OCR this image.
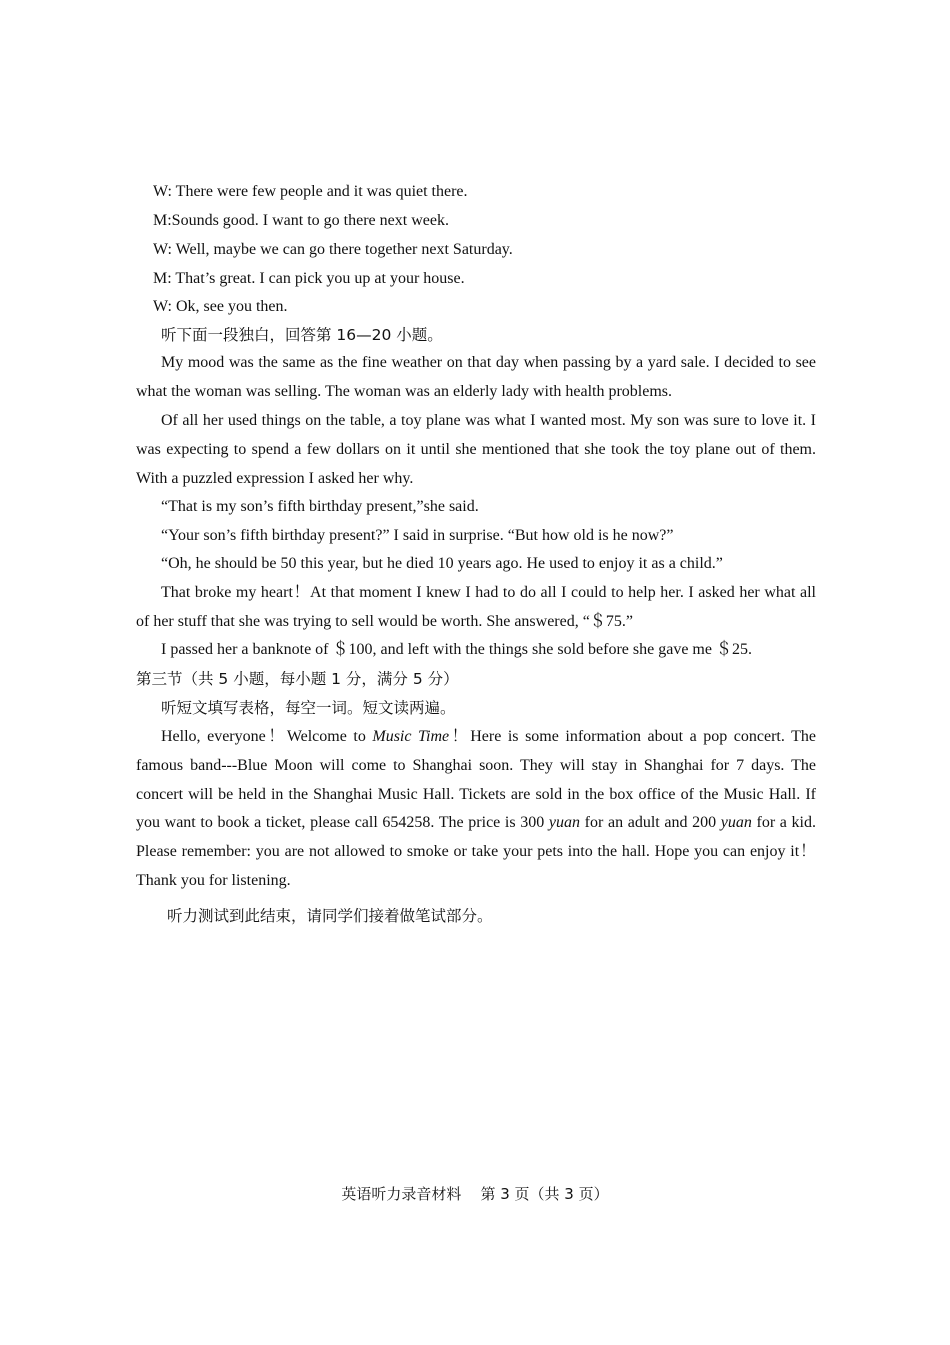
W: There were few people and it was quiet there.
M:Sounds good. I want to go there next week.
W: Well, maybe we can go there together next Saturday.
M: That’s great. I can pick you up at your house.
W: Ok, see you then.
听下面一段独白，回答第 16—20 小题。
My mood was the same as the fine weather on that day when passing by a yard sale. I decided to see what the woman was selling. The woman was an elderly lady with health problems.
Of all her used things on the table, a toy plane was what I wanted most. My son was sure to love it. I was expecting to spend a few dollars on it until she mentioned that she took the toy plane out of them. With a puzzled expression I asked her why.
“That is my son’s fifth birthday present,”she said.
“Your son’s fifth birthday present?” I said in surprise. “But how old is he now?”
“Oh, he should be 50 this year, but he died 10 years ago. He used to enjoy it as a child.”
That broke my heart！At that moment I knew I had to do all I could to help her. I asked her what all of her stuff that she was trying to sell would be worth. She answered, “＄75.”
I passed her a banknote of ＄100, and left with the things she sold before she gave me ＄25.
第三节（共 5 小题，每小题 1 分，满分 5 分）
听短文填写表格，每空一词。短文读两遍。
Hello, everyone！Welcome to Music Time！Here is some information about a pop concert. The famous band---Blue Moon will come to Shanghai soon. They will stay in Shanghai for 7 days. The concert will be held in the Shanghai Music Hall. Tickets are sold in the box office of the Music Hall. If you want to book a ticket, please call 654258. The price is 300 yuan for an adult and 200 yuan for a kid. Please remember: you are not allowed to smoke or take your pets into the hall. Hope you can enjoy it！Thank you for listening.
听力测试到此结束，请同学们接着做笔试部分。
英语听力录音材料    第 3 页（共 3 页）
